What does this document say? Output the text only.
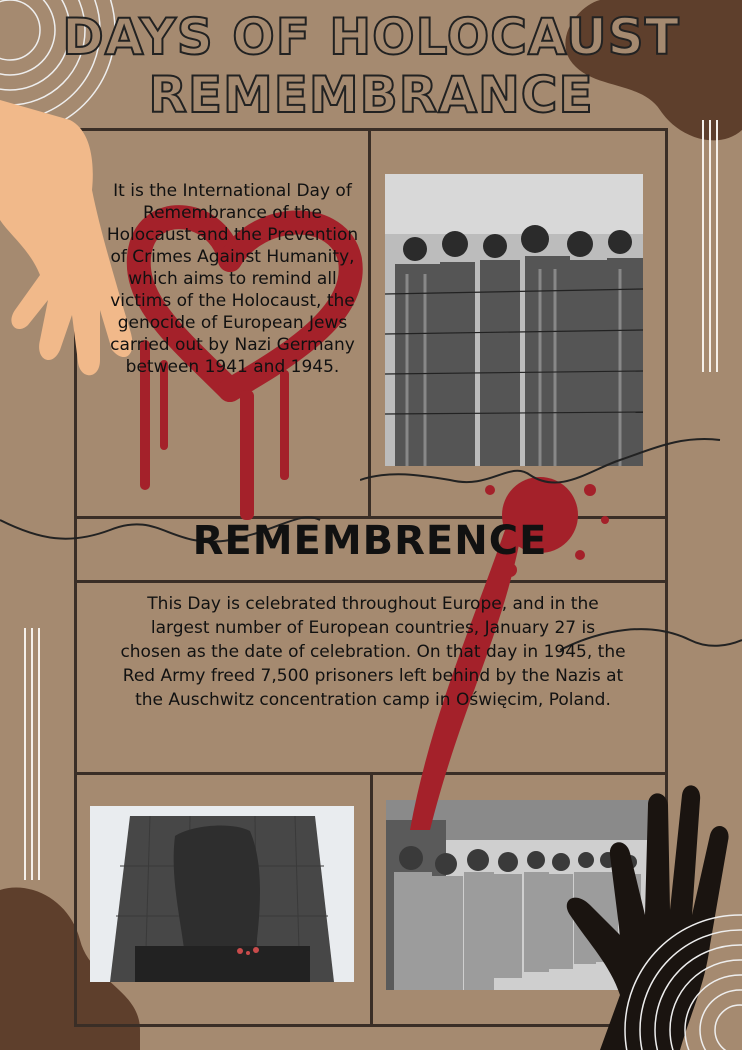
DAYS OF HOLOCAUST
REMEMBRANCE
It is the International Day of Remembrance of the Holocaust and the Prevention of Crimes Against Humanity, which aims to remind all victims of the Holocaust, the genocide of European Jews carried out by Nazi Germany between 1941 and 1945.
REMEMBRENCE
This Day is celebrated throughout Europe, and in the largest number of European countries, January 27 is chosen as the date of celebration. On that day in 1945, the Red Army freed 7,500 prisoners left behind by the Nazis at the Auschwitz concentration camp in Oświęcim, Poland.
